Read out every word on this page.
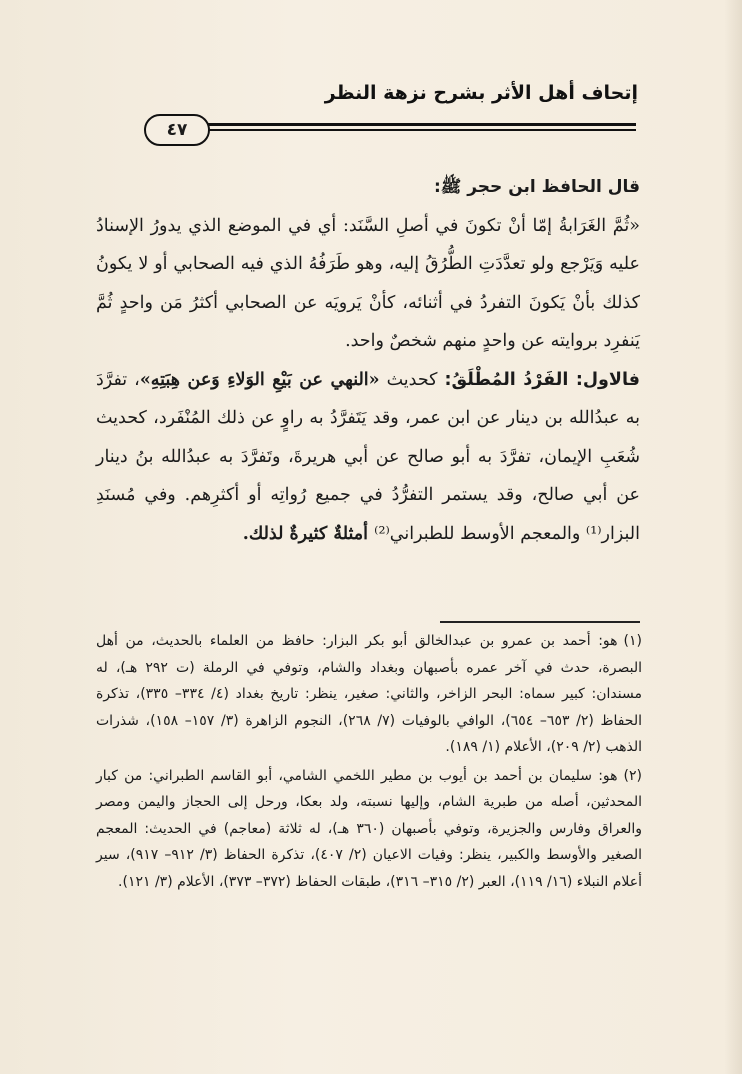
إتحاف أهل الأثر بشرح نزهة النظر
٤٧

قال الحافظ ابن حجر ﷺ:

«ثُمَّ الغَرَابةُ إمّا أنْ تكونَ في أصلِ السَّنَد: أي في الموضع الذي يدورُ الإسنادُ عليه وَيَرْجع ولو تعدَّدَتِ الطُّرُقُ إليه، وهو طَرَفُهُ الذي فيه الصحابي أو لا يكونُ كذلك بأنْ يَكونَ التفردُ في أثنائه، كأنْ يَرويَه عن الصحابي أكثرُ مَن واحدٍ ثُمَّ يَنفرِد بروايته عن واحدٍ منهم شخصٌ واحد.

فالاول: الفَرْدُ المُطْلَقُ: كحديث «النهي عن بَيْعِ الوَلاءِ وَعن هِبَتِهِ»، تفرَّدَ به عبدُالله بن دينار عن ابن عمر، وقد يَتَفرَّدُ به راوٍ عن ذلك المُنْفَرد، كحديث شُعَبِ الإيمان، تفرَّدَ به أبو صالح عن أبي هريرةَ، وتَفرَّدَ به عبدُالله بنُ دينار عن أبي صالح، وقد يستمر التفرُّدُ في جميع رُواتِه أو أكثرِهم. وفي مُسنَدِ البزار⁽¹⁾ والمعجم الأوسط للطبراني⁽²⁾ أمثلةٌ كثيرةٌ لذلك.

(١)هو: أحمد بن عمرو بن عبدالخالق أبو بكر البزار: حافظ من العلماء بالحديث، من أهل البصرة، حدث في آخر عمره بأصبهان وبغداد والشام، وتوفي في الرملة (ت ٢٩٢ هـ)، له مسندان: كبير سماه: البحر الزاخر، والثاني: صغير، ينظر: تاريخ بغداد (٤/ ٣٣٤– ٣٣٥)، تذكرة الحفاظ (٢/ ٦٥٣– ٦٥٤)، الوافي بالوفيات (٧/ ٢٦٨)، النجوم الزاهرة (٣/ ١٥٧– ١٥٨)، شذرات الذهب (٢/ ٢٠٩)، الأعلام (١/ ١٨٩).

(٢)هو: سليمان بن أحمد بن أيوب بن مطير اللخمي الشامي، أبو القاسم الطبراني: من كبار المحدثين، أصله من طبرية الشام، وإليها نسبته، ولد بعكا، ورحل إلى الحجاز واليمن ومصر والعراق وفارس والجزيرة، وتوفي بأصبهان (٣٦٠ هـ)، له ثلاثة (معاجم) في الحديث: المعجم الصغير والأوسط والكبير، ينظر: وفيات الاعيان (٢/ ٤٠٧)، تذكرة الحفاظ (٣/ ٩١٢– ٩١٧)، سير أعلام النبلاء (١٦/ ١١٩)، العبر (٢/ ٣١٥– ٣١٦)، طبقات الحفاظ (٣٧٢– ٣٧٣)، الأعلام (٣/ ١٢١).
